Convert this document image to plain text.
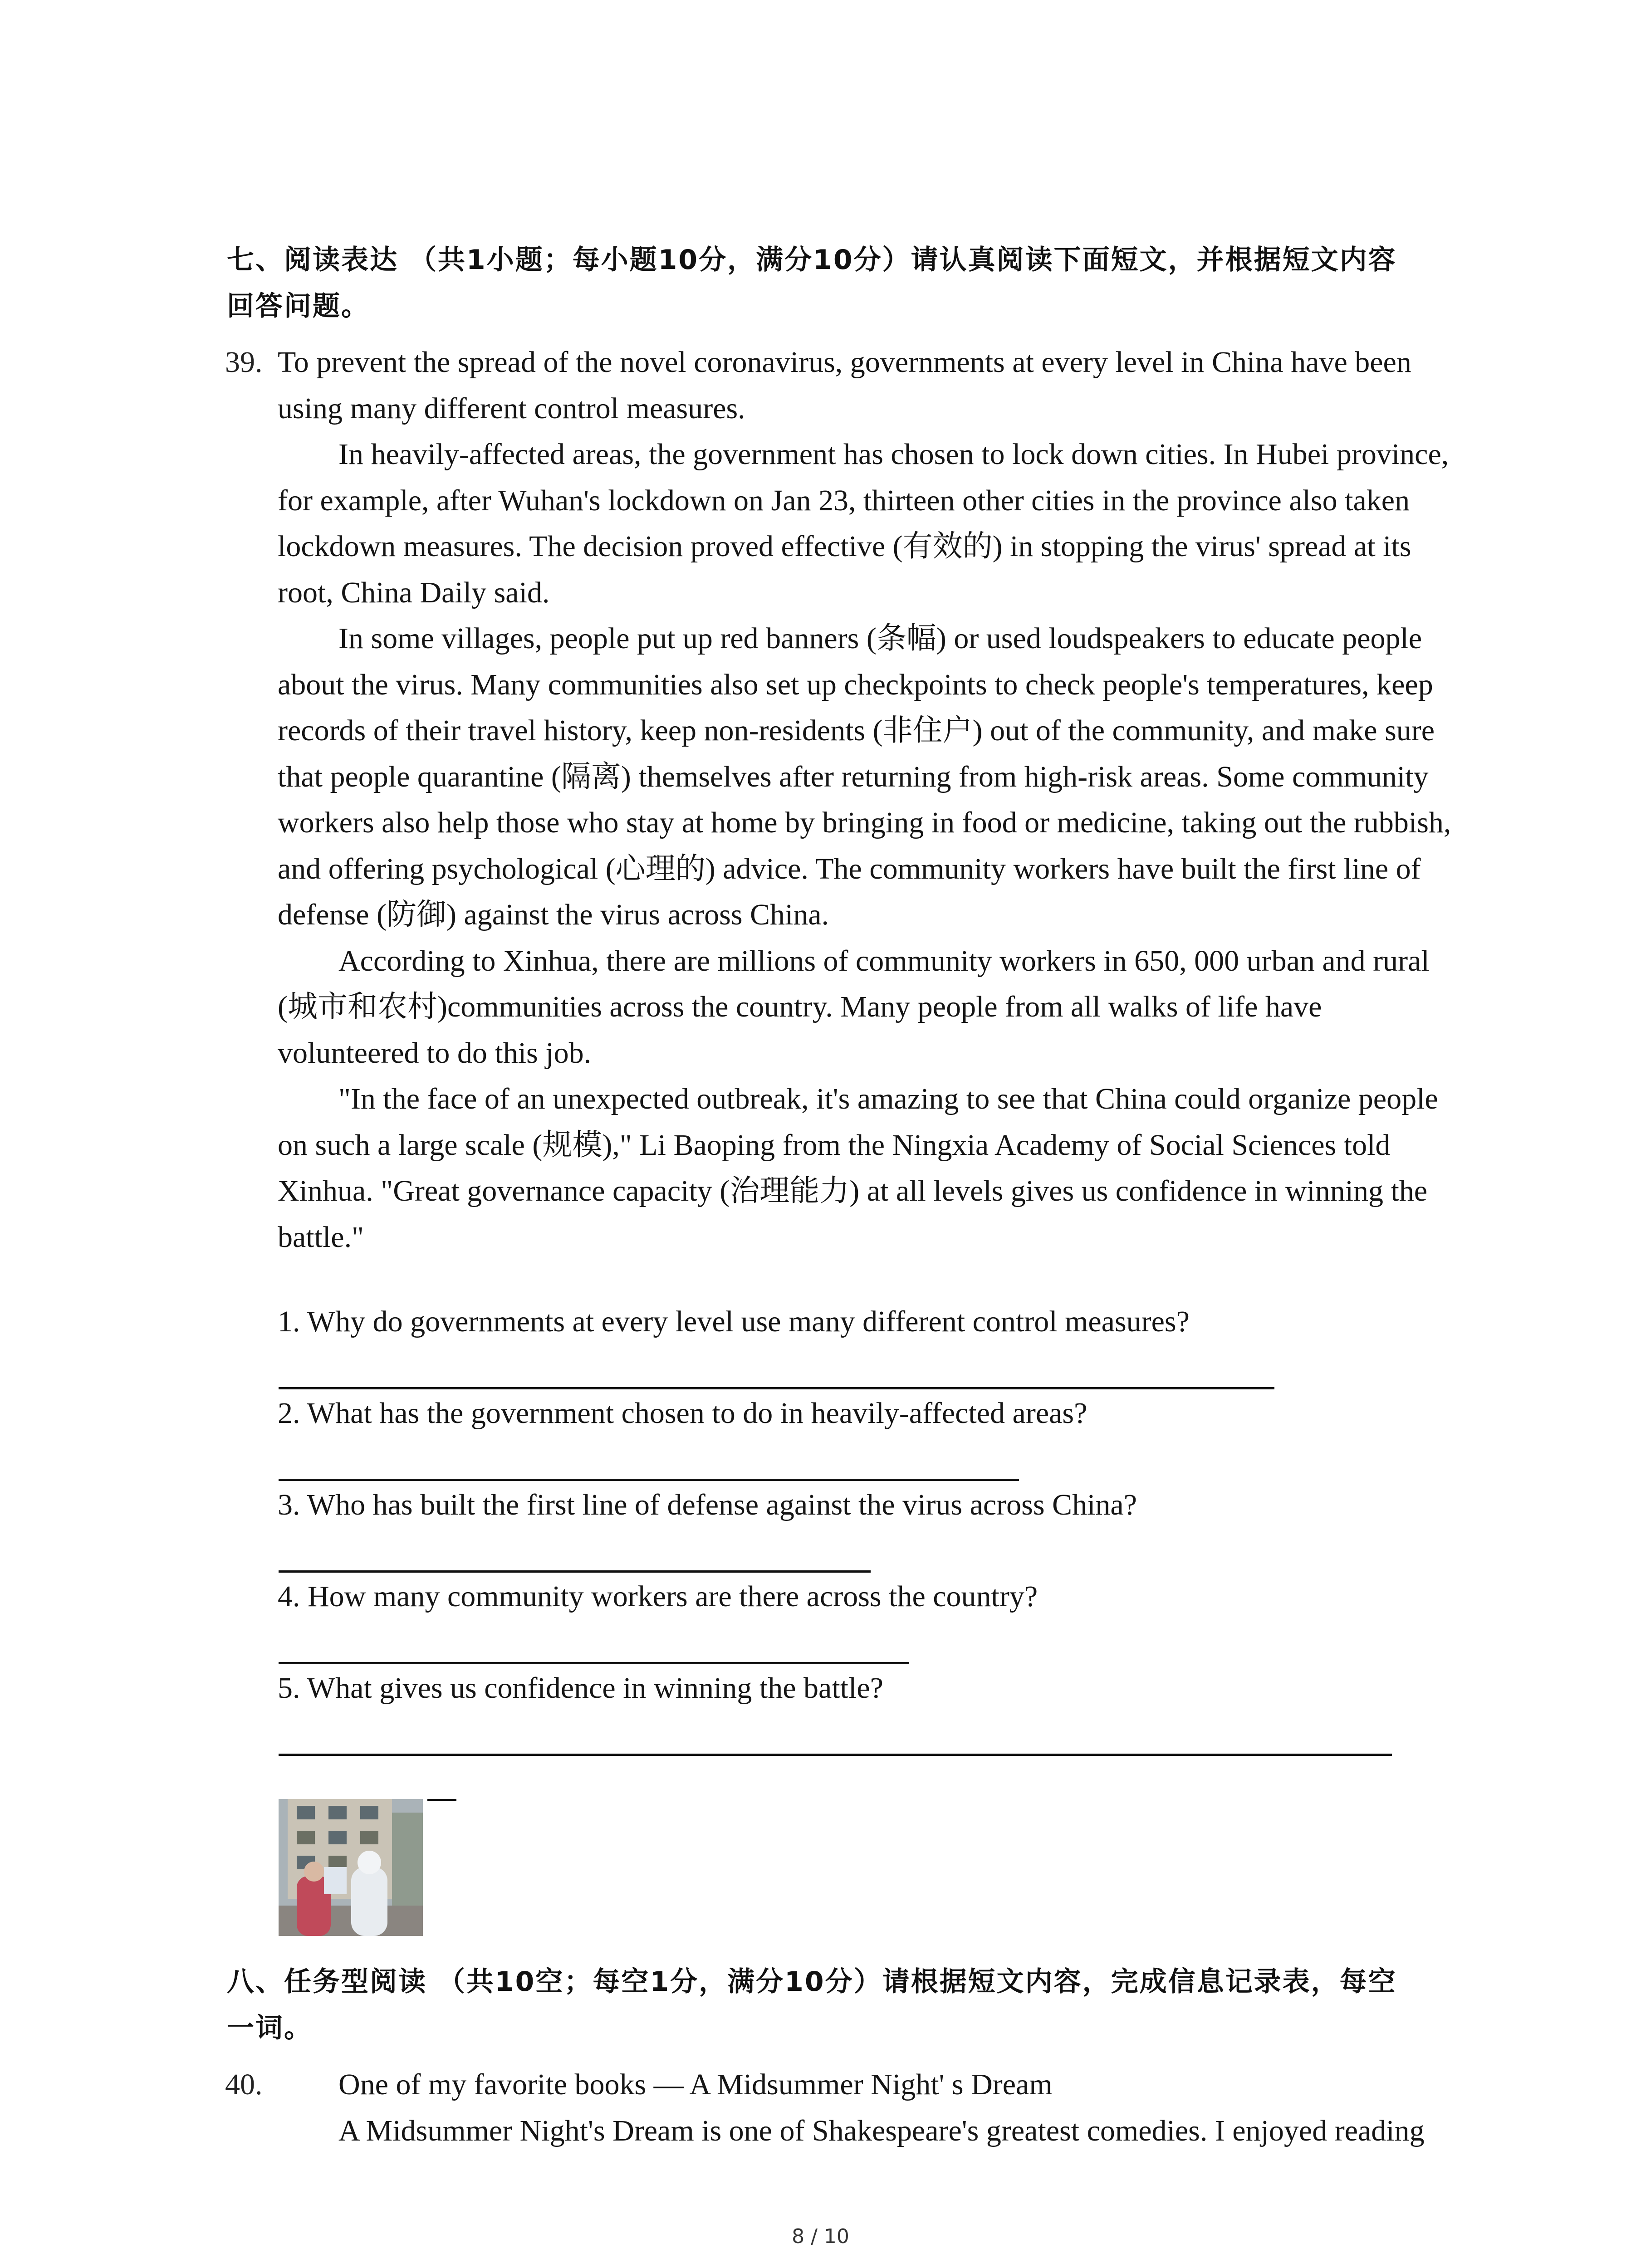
七、阅读表达 （共1小题；每小题10分，满分10分）请认真阅读下面短文，并根据短文内容
回答问题。
39. To prevent the spread of the novel coronavirus, governments at every level in China have been using many different control measures.

In heavily-affected areas, the government has chosen to lock down cities. In Hubei province, for example, after Wuhan's lockdown on Jan 23, thirteen other cities in the province also taken lockdown measures. The decision proved effective (有效的) in stopping the virus' spread at its root, China Daily said.

In some villages, people put up red banners (条幅) or used loudspeakers to educate people about the virus. Many communities also set up checkpoints to check people's temperatures, keep records of their travel history, keep non-residents (非住户) out of the community, and make sure that people quarantine (隔离) themselves after returning from high-risk areas. Some community workers also help those who stay at home by bringing in food or medicine, taking out the rubbish, and offering psychological (心理的) advice. The community workers have built the first line of defense (防御) against the virus across China.

According to Xinhua, there are millions of community workers in 650, 000 urban and rural (城市和农村)communities across the country. Many people from all walks of life have volunteered to do this job.

"In the face of an unexpected outbreak, it's amazing to see that China could organize people on such a large scale (规模)," Li Baoping from the Ningxia Academy of Social Sciences told Xinhua. "Great governance capacity (治理能力) at all levels gives us confidence in winning the battle."

1. Why do governments at every level use many different control measures?
2. What has the government chosen to do in heavily-affected areas?
3. Who has built the first line of defense against the virus across China?
4. How many community workers are there across the country?
5. What gives us confidence in winning the battle?
八、任务型阅读 （共10空；每空1分，满分10分）请根据短文内容，完成信息记录表，每空
一词。
40.	One of my favorite books — A Midsummer Night' s Dream
A Midsummer Night's Dream is one of Shakespeare's greatest comedies. I enjoyed reading
8 / 10
